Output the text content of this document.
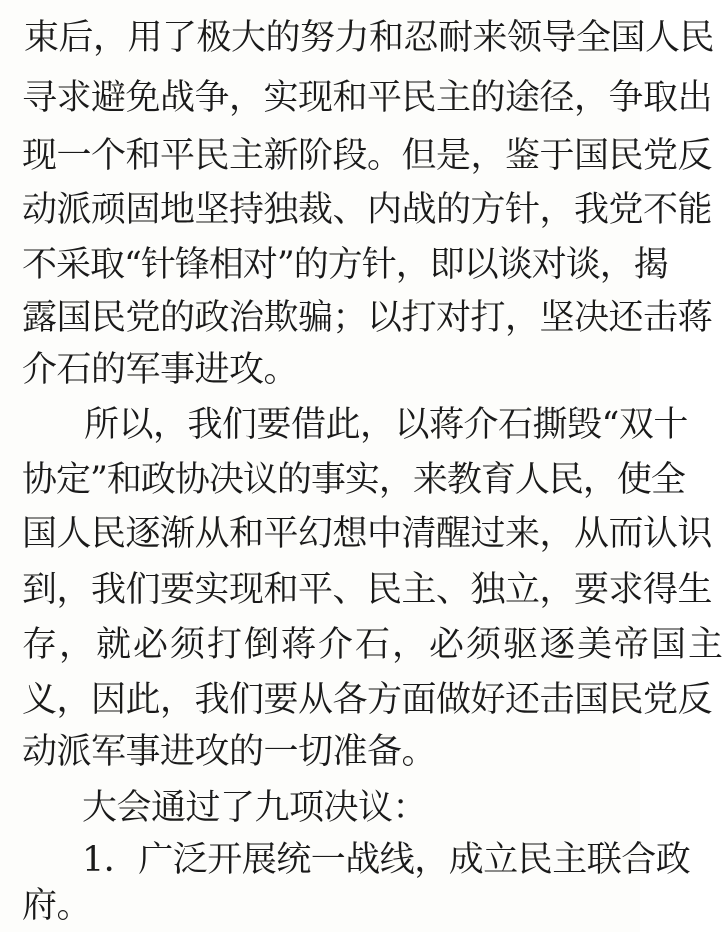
束后，用了极大的努力和忍耐来领导全国人民
寻求避免战争，实现和平民主的途径，争取出
现一个和平民主新阶段。但是，鉴于国民党反
动派顽固地坚持独裁、内战的方针，我党不能
不采取“针锋相对”的方针，即以谈对谈，揭
露国民党的政治欺骗；以打对打，坚决还击蒋
介石的军事进攻。
所以，我们要借此，以蒋介石撕毁“双十
协定”和政协决议的事实，来教育人民，使全
国人民逐渐从和平幻想中清醒过来，从而认识
到，我们要实现和平、民主、独立，要求得生
存，就必须打倒蒋介石，必须驱逐美帝国主
义，因此，我们要从各方面做好还击国民党反
动派军事进攻的一切准备。
大会通过了九项决议：
1．广泛开展统一战线，成立民主联合政
府。
